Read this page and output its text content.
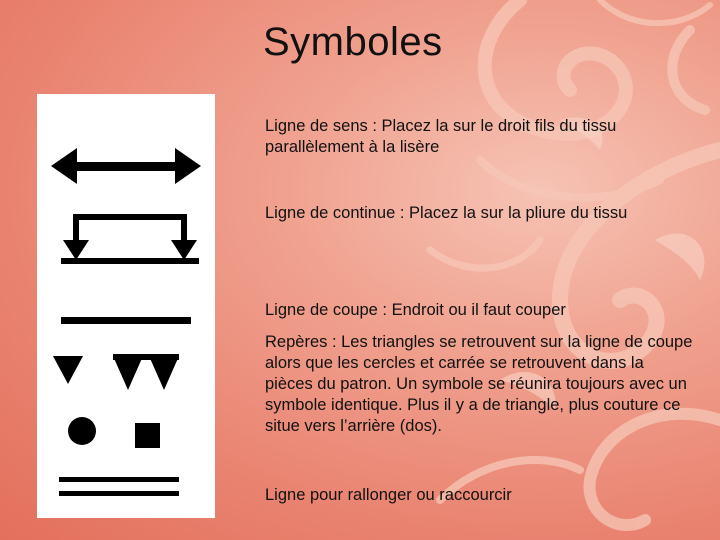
Symboles
Ligne de sens : Placez la sur le droit fils du tissu parallèlement à la lisère
Ligne de continue : Placez la sur la pliure du tissu
Ligne de coupe : Endroit ou il faut couper
Repères : Les triangles se retrouvent sur la ligne de coupe alors que les cercles et carrée se retrouvent dans la pièces du patron. Un symbole se réunira toujours avec un symbole identique. Plus il y a de triangle, plus couture ce situe vers l’arrière (dos).
Ligne pour rallonger ou raccourcir
